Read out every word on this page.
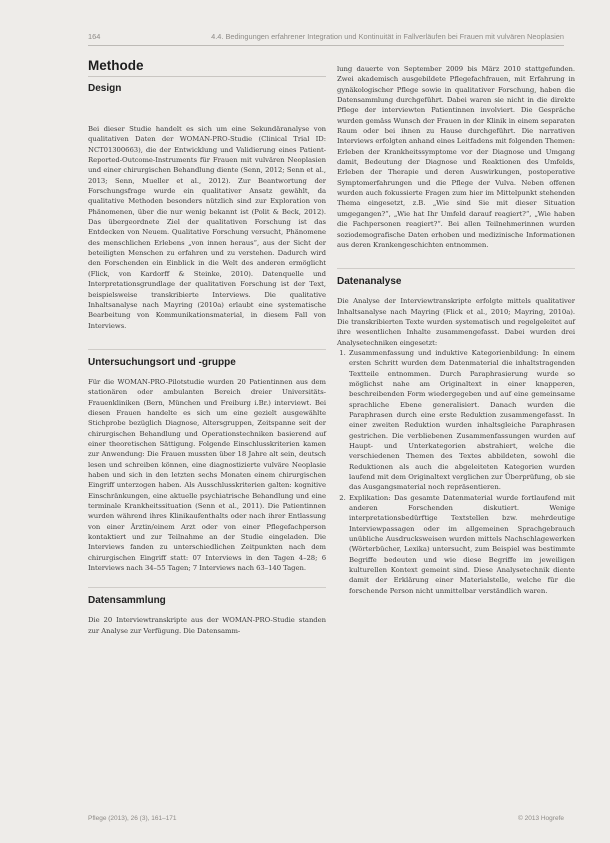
164	4.4. Bedingungen erfahrener Integration und Kontinuität in Fallverläufen bei Frauen mit vulvären Neoplasien
Methode
Design

Bei dieser Studie handelt es sich um eine Sekundäranalyse von qualitativen Daten der WOMAN-PRO-Studie (Clinical Trial ID: NCT01300663), die der Entwicklung und Validierung eines Patient-Reported-Outcome-Instruments für Frauen mit vulvären Neoplasien und einer chirurgischen Behandlung diente (Senn, 2012; Senn et al., 2013; Senn, Mueller et al., 2012). Zur Beantwortung der Forschungsfrage wurde ein qualitativer Ansatz gewählt, da qualitative Methoden besonders nützlich sind zur Exploration von Phänomenen, über die nur wenig bekannt ist (Polit & Beck, 2012). Das übergeordnete Ziel der qualitativen Forschung ist das Entdecken von Neuem. Qualitative Forschung versucht, Phänomene des menschlichen Erlebens „von innen heraus“, aus der Sicht der beteiligten Menschen zu erfahren und zu verstehen. Dadurch wird den Forschenden ein Einblick in die Welt des anderen ermöglicht (Flick, von Kardorff & Steinke, 2010). Datenquelle und Interpretationsgrundlage der qualitativen Forschung ist der Text, beispielsweise transkribierte Interviews. Die qualitative Inhaltsanalyse nach Mayring (2010a) erlaubt eine systematische Bearbeitung von Kommunikationsmaterial, in diesem Fall von Interviews.

Untersuchungsort und -gruppe

Für die WOMAN-PRO-Pilotstudie wurden 20 Patientinnen aus dem stationären oder ambulanten Bereich dreier Universitäts-Frauenkliniken (Bern, München und Freiburg i.Br.) interviewt. Bei diesen Frauen handelte es sich um eine gezielt ausgewählte Stichprobe bezüglich Diagnose, Altersgruppen, Zeitspanne seit der chirurgischen Behandlung und Operationstechniken basierend auf einer theoretischen Sättigung. Folgende Einschlusskriterien kamen zur Anwendung: Die Frauen mussten über 18 Jahre alt sein, deutsch lesen und schreiben können, eine diagnostizierte vulväre Neoplasie haben und sich in den letzten sechs Monaten einem chirurgischen Eingriff unterzogen haben. Als Ausschlusskriterien galten: kognitive Einschränkungen, eine aktuelle psychiatrische Behandlung und eine terminale Krankheitssituation (Senn et al., 2011). Die Patientinnen wurden während ihres Klinikaufenthalts oder nach ihrer Entlassung von einer Ärztin/einem Arzt oder von einer Pflegefachperson kontaktiert und zur Teilnahme an der Studie eingeladen. Die Interviews fanden zu unterschiedlichen Zeitpunkten nach dem chirurgischen Eingriff statt: 07 Interviews in den Tagen 4–28; 6 Interviews nach 34–55 Tagen; 7 Interviews nach 63–140 Tagen.

Datensammlung

Die 20 Interviewtranskripte aus der WOMAN-PRO-Studie standen zur Analyse zur Verfügung. Die Datensamm-

lung dauerte von September 2009 bis März 2010 stattgefunden. Zwei akademisch ausgebildete Pflegefachfrauen, mit Erfahrung in gynäkologischer Pflege sowie in qualitativer Forschung, haben die Datensammlung durchgeführt. Dabei waren sie nicht in die direkte Pflege der interviewten Patientinnen involviert. Die Gespräche wurden gemäss Wunsch der Frauen in der Klinik in einem separaten Raum oder bei ihnen zu Hause durchgeführt. Die narrativen Interviews erfolgten anhand eines Leitfadens mit folgenden Themen: Erleben der Krankheitssymptome vor der Diagnose und Umgang damit, Bedeutung der Diagnose und Reaktionen des Umfelds, Erleben der Therapie und deren Auswirkungen, postoperative Symptomerfahrungen und die Pflege der Vulva. Neben offenen wurden auch fokussierte Fragen zum hier im Mittelpunkt stehenden Thema eingesetzt, z.B. „Wie sind Sie mit dieser Situation umgegangen?“, „Wie hat Ihr Umfeld darauf reagiert?“, „Wie haben die Fachpersonen reagiert?“. Bei allen Teilnehmerinnen wurden soziodemografische Daten erhoben und medizinische Informationen aus deren Krankengeschichten entnommen.

Datenanalyse

Die Analyse der Interviewtranskripte erfolgte mittels qualitativer Inhaltsanalyse nach Mayring (Flick et al., 2010; Mayring, 2010a). Die transkribierten Texte wurden systematisch und regelgeleitet auf ihre wesentlichen Inhalte zusammengefasst. Dabei wurden drei Analysetechniken eingesetzt:

1. Zusammenfassung und induktive Kategorienbildung: In einem ersten Schritt wurden dem Datenmaterial die inhaltstragenden Textteile entnommen. Durch Paraphrasierung wurde so möglichst nahe am Originaltext in einer knapperen, beschreibenden Form wiedergegeben und auf eine gemeinsame sprachliche Ebene generalisiert. Danach wurden die Paraphrasen durch eine erste Reduktion zusammengefasst. In einer zweiten Reduktion wurden inhaltsgleiche Paraphrasen gestrichen. Die verbliebenen Zusammenfassungen wurden auf Haupt- und Unterkategorien abstrahiert, welche die verschiedenen Themen des Textes abbildeten, sowohl die Reduktionen als auch die abgeleiteten Kategorien wurden laufend mit dem Originaltext verglichen zur Überprüfung, ob sie das Ausgangsmaterial noch repräsentieren.
2. Explikation: Das gesamte Datenmaterial wurde fortlaufend mit anderen Forschenden diskutiert. Wenige interpretationsbedürftige Textstellen bzw. mehrdeutige Interviewpassagen oder im allgemeinen Sprachgebrauch unübliche Ausdrucksweisen wurden mittels Nachschlagewerken (Wörterbücher, Lexika) untersucht, zum Beispiel was bestimmte Begriffe bedeuten und wie diese Begriffe im jeweiligen kulturellen Kontext gemeint sind. Diese Analysetechnik diente damit der Erklärung einer Materialstelle, welche für die forschende Person nicht unmittelbar verständlich waren.
Pflege (2013), 26 (3), 161–171	© 2013 Hogrefe
